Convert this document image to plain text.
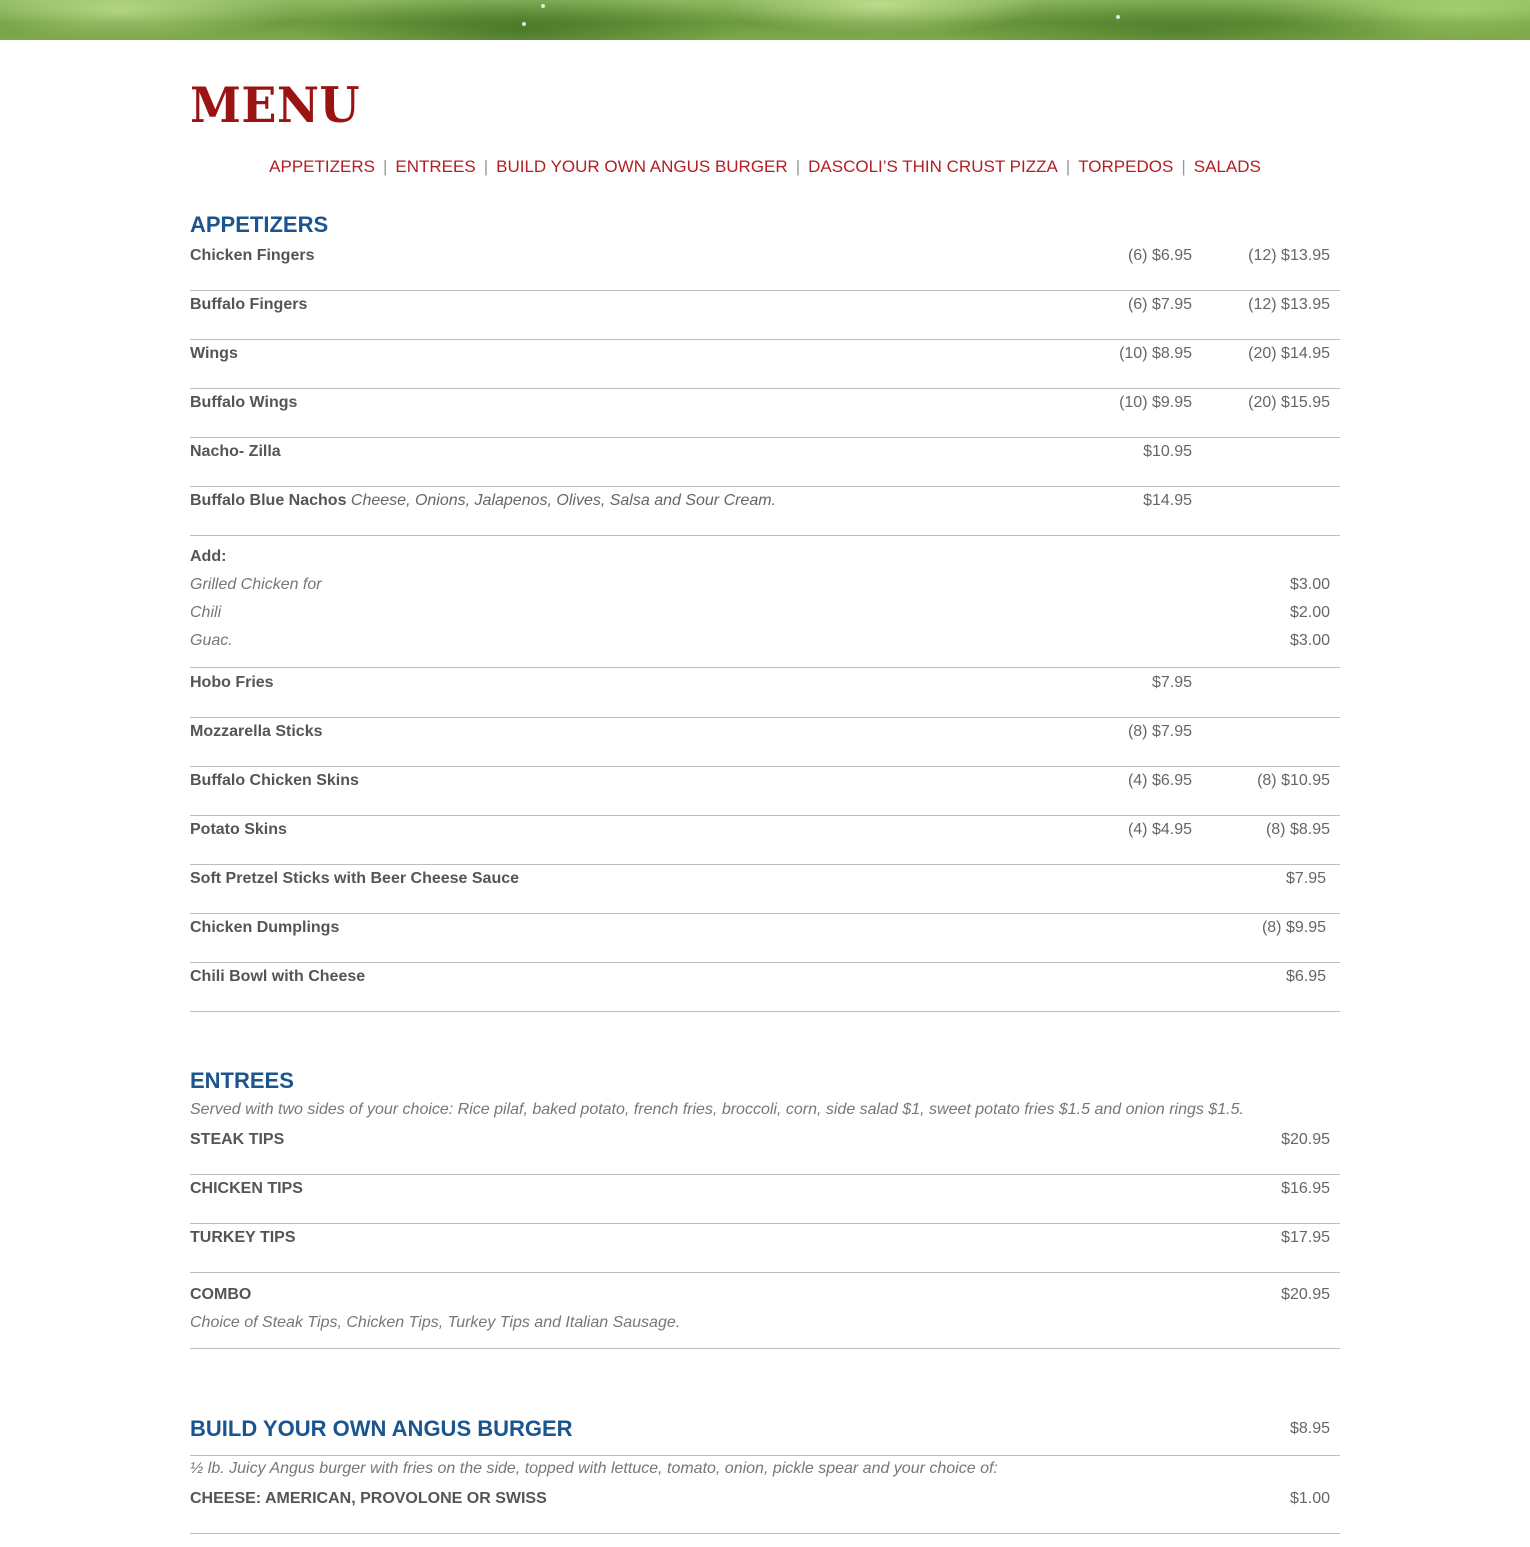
MENU
APPETIZERS | ENTREES | BUILD YOUR OWN ANGUS BURGER | DASCOLI’S THIN CRUST PIZZA | TORPEDOS | SALADS
APPETIZERS
Chicken Fingers	(6) $6.95	(12) $13.95
Buffalo Fingers	(6) $7.95	(12) $13.95
Wings	(10) $8.95	(20) $14.95
Buffalo Wings	(10) $9.95	(20) $15.95
Nacho- Zilla	$10.95
Buffalo Blue Nachos Cheese, Onions, Jalapenos, Olives, Salsa and Sour Cream.	$14.95
Add:
Grilled Chicken for	$3.00
Chili	$2.00
Guac.	$3.00
Hobo Fries	$7.95
Mozzarella Sticks	(8) $7.95
Buffalo Chicken Skins	(4) $6.95	(8) $10.95
Potato Skins	(4) $4.95	(8) $8.95
Soft Pretzel Sticks with Beer Cheese Sauce	$7.95
Chicken Dumplings	(8) $9.95
Chili Bowl with Cheese	$6.95
ENTREES
Served with two sides of your choice: Rice pilaf, baked potato, french fries, broccoli, corn, side salad $1, sweet potato fries $1.5 and onion rings $1.5.
STEAK TIPS	$20.95
CHICKEN TIPS	$16.95
TURKEY TIPS	$17.95
COMBO	$20.95
Choice of Steak Tips, Chicken Tips, Turkey Tips and Italian Sausage.
BUILD YOUR OWN ANGUS BURGER	$8.95
½ lb. Juicy Angus burger with fries on the side, topped with lettuce, tomato, onion, pickle spear and your choice of:
CHEESE: AMERICAN, PROVOLONE OR SWISS	$1.00
